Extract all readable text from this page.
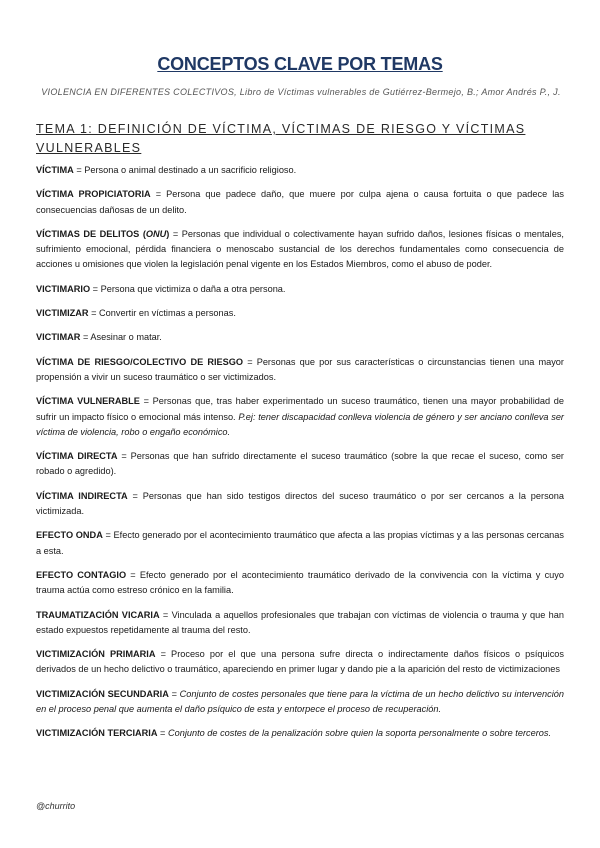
CONCEPTOS CLAVE POR TEMAS
VIOLENCIA EN DIFERENTES COLECTIVOS, Libro de Víctimas vulnerables de Gutiérrez-Bermejo, B.; Amor Andrés P., J.
TEMA 1: DEFINICIÓN DE VÍCTIMA, VÍCTIMAS DE RIESGO Y VÍCTIMAS VULNERABLES

VÍCTIMA = Persona o animal destinado a un sacrificio religioso.

VÍCTIMA PROPICIATORIA = Persona que padece daño, que muere por culpa ajena o causa fortuita o que padece las consecuencias dañosas de un delito.

VÍCTIMAS DE DELITOS (ONU) = Personas que individual o colectivamente hayan sufrido daños, lesiones físicas o mentales, sufrimiento emocional, pérdida financiera o menoscabo sustancial de los derechos fundamentales como consecuencia de acciones u omisiones que violen la legislación penal vigente en los Estados Miembros, como el abuso de poder.

VICTIMARIO = Persona que victimiza o daña a otra persona.

VICTIMIZAR = Convertir en víctimas a personas.

VICTIMAR = Asesinar o matar.

VÍCTIMA DE RIESGO/COLECTIVO DE RIESGO = Personas que por sus características o circunstancias tienen una mayor propensión a vivir un suceso traumático o ser victimizados.

VÍCTIMA VULNERABLE = Personas que, tras haber experimentado un suceso traumático, tienen una mayor probabilidad de sufrir un impacto físico o emocional más intenso. P.ej: tener discapacidad conlleva violencia de género y ser anciano conlleva ser víctima de violencia, robo o engaño económico.

VÍCTIMA DIRECTA = Personas que han sufrido directamente el suceso traumático (sobre la que recae el suceso, como ser robado o agredido).

VÍCTIMA INDIRECTA = Personas que han sido testigos directos del suceso traumático o por ser cercanos a la persona victimizada.

EFECTO ONDA = Efecto generado por el acontecimiento traumático que afecta a las propias víctimas y a las personas cercanas a esta.

EFECTO CONTAGIO = Efecto generado por el acontecimiento traumático derivado de la convivencia con la víctima y cuyo trauma actúa como estreso crónico en la familia.

TRAUMATIZACIÓN VICARIA = Vinculada a aquellos profesionales que trabajan con víctimas de violencia o trauma y que han estado expuestos repetidamente al trauma del resto.

VICTIMIZACIÓN PRIMARIA = Proceso por el que una persona sufre directa o indirectamente daños físicos o psíquicos derivados de un hecho delictivo o traumático, apareciendo en primer lugar y dando pie a la aparición del resto de victimizaciones

VICTIMIZACIÓN SECUNDARIA = Conjunto de costes personales que tiene para la víctima de un hecho delictivo su intervención en el proceso penal que aumenta el daño psíquico de esta y entorpece el proceso de recuperación.

VICTIMIZACIÓN TERCIARIA = Conjunto de costes de la penalización sobre quien la soporta personalmente o sobre terceros.

@churrito
